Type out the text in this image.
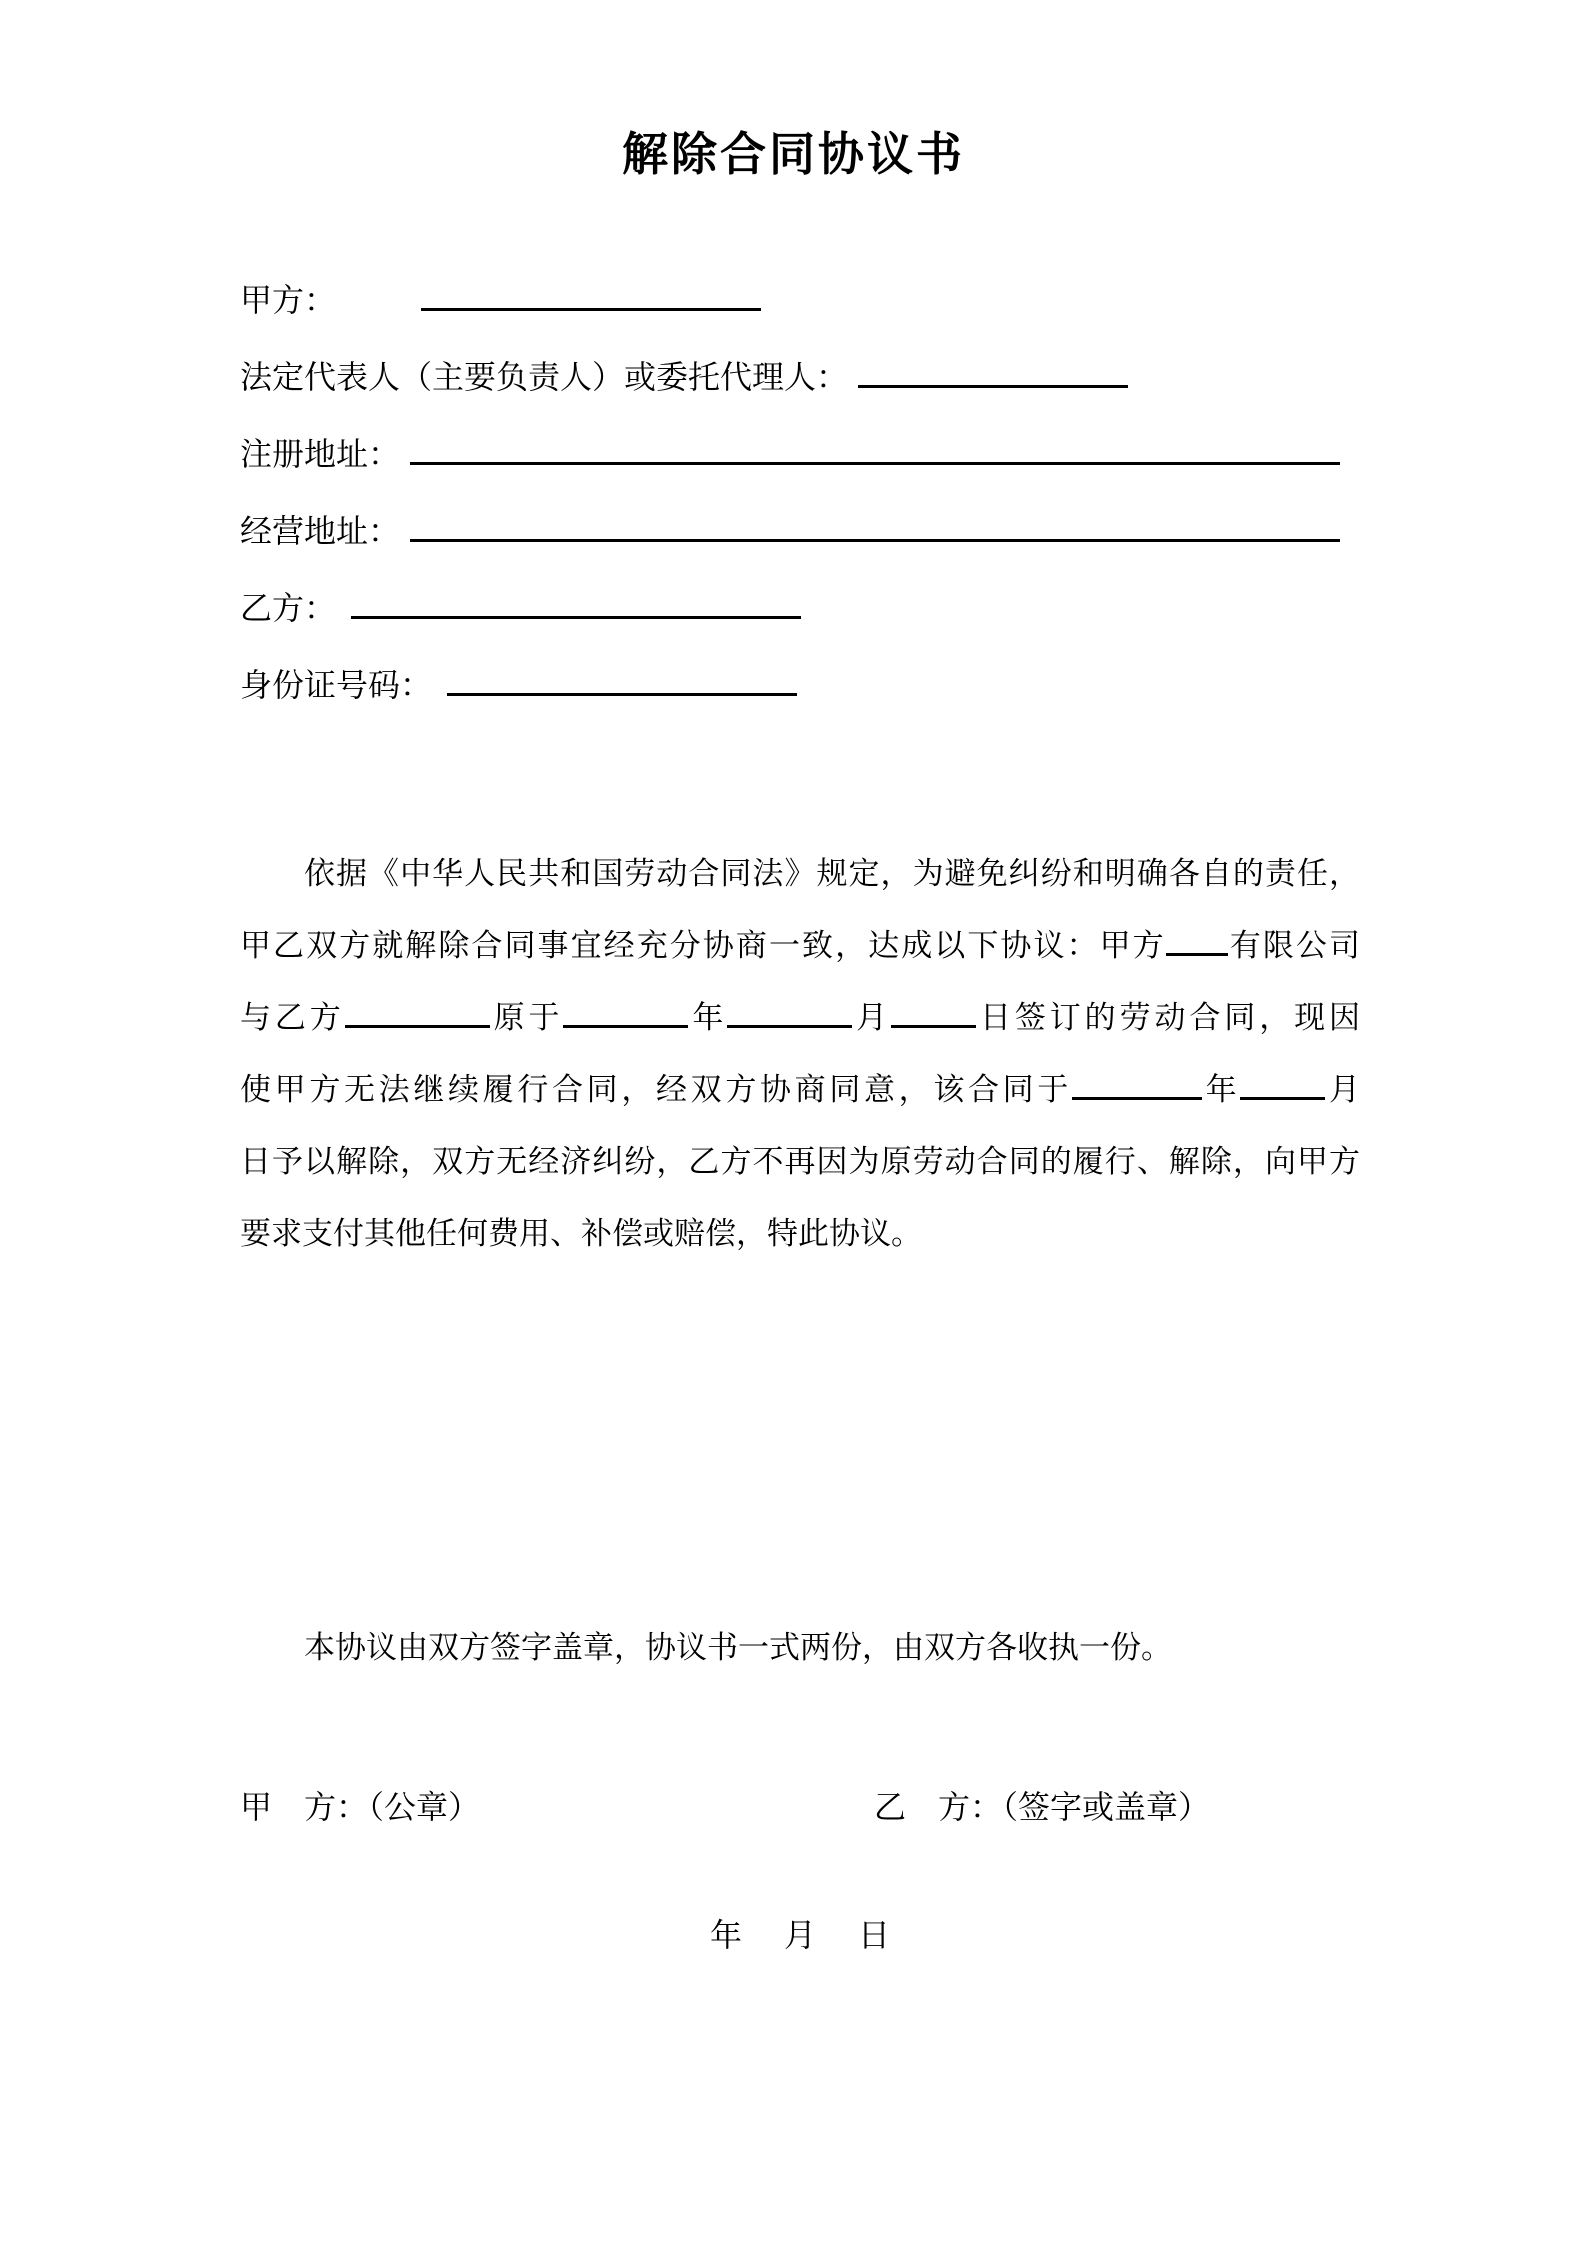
解除合同协议书
甲方：
法定代表人（主要负责人）或委托代理人：
注册地址：
经营地址：
乙方：
身份证号码：
依据《中华人民共和国劳动合同法》规定，为避免纠纷和明确各自的责任，
甲乙双方就解除合同事宜经充分协商一致，达成以下协议：甲方 有限公司
与乙方	原于	年	月	日签订的劳动合同，现因
使甲方无法继续履行合同，经双方协商同意，该合同于	年	月
日予以解除，双方无经济纠纷，乙方不再因为原劳动合同的履行、解除，向甲方
要求支付其他任何费用、补偿或赔偿，特此协议。

本协议由双方签字盖章，协议书一式两份，由双方各收执一份。

甲　方：（公章）	乙　方：（签字或盖章）
年 月 日
